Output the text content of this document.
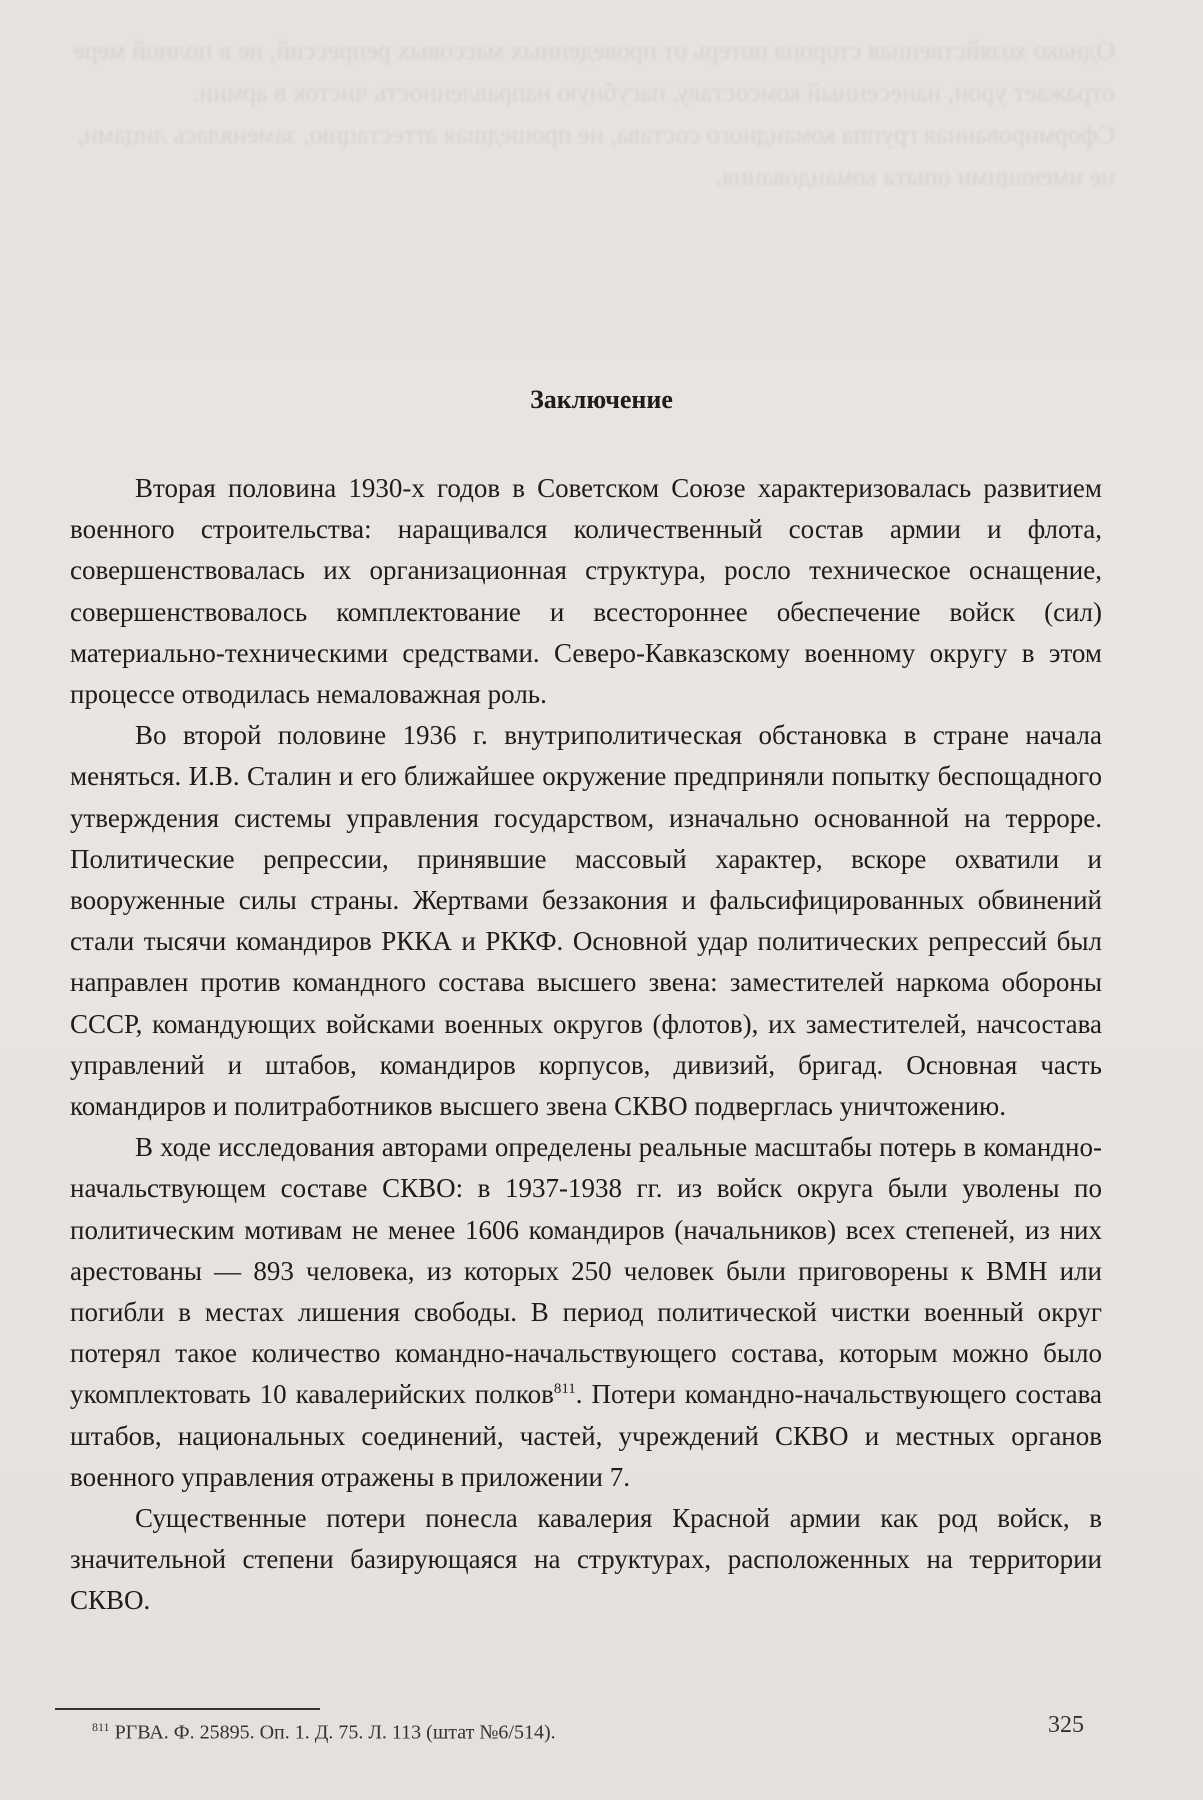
Однако хозяйственная сторона потерь от проведенных массовых репрессий, не в полной мере отражает урон, нанесенный комсоставу, пагубную направленность чисток в армии. Сформированная группа командного состава, не прошедшая аттестацию, заменялась лицами, не имеющими опыта командования.
Заключение

Вторая половина 1930-х годов в Советском Союзе характеризовалась развитием военного строительства: наращивался количественный состав армии и флота, совершенствовалась их организационная структура, росло техническое оснащение, совершенствовалось комплектование и всестороннее обеспечение войск (сил) материально-техническими средствами. Северо-Кавказскому военному округу в этом процессе отводилась немаловажная роль.

Во второй половине 1936 г. внутриполитическая обстановка в стране начала меняться. И.В. Сталин и его ближайшее окружение предприняли попытку беспощадного утверждения системы управления государством, изначально основанной на терроре. Политические репрессии, принявшие массовый характер, вскоре охватили и вооруженные силы страны. Жертвами беззакония и фальсифицированных обвинений стали тысячи командиров РККА и РККФ. Основной удар политических репрессий был направлен против командного состава высшего звена: заместителей наркома обороны СССР, командующих войсками военных округов (флотов), их заместителей, начсостава управлений и штабов, командиров корпусов, дивизий, бригад. Основная часть командиров и политработников высшего звена СКВО подверглась уничтожению.

В ходе исследования авторами определены реальные масштабы потерь в командно-начальствующем составе СКВО: в 1937-1938 гг. из войск округа были уволены по политическим мотивам не менее 1606 командиров (начальников) всех степеней, из них арестованы — 893 человека, из которых 250 человек были приговорены к ВМН или погибли в местах лишения свободы. В период политической чистки военный округ потерял такое количество командно-начальствующего состава, которым можно было укомплектовать 10 кавалерийских полков$^{811}$. Потери командно-начальствующего состава штабов, национальных соединений, частей, учреждений СКВО и местных органов военного управления отражены в приложении 7.

Существенные потери понесла кавалерия Красной армии как род войск, в значительной степени базирующаяся на структурах, расположенных на территории СКВО.

$^{811}$ РГВА. Ф. 25895. Оп. 1. Д. 75. Л. 113 (штат №6/514).	325
